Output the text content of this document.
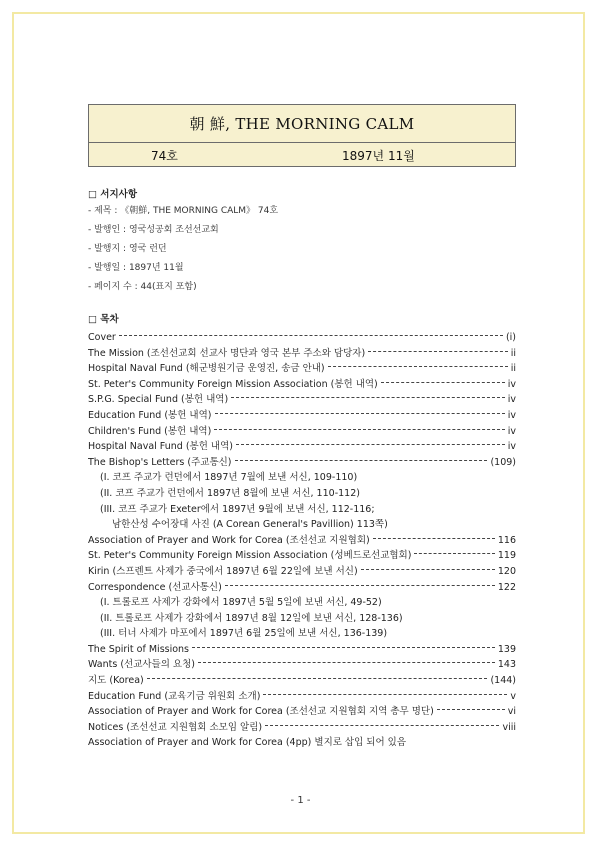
朝 鮮, THE MORNING CALM
74호	1897년 11월
□ 서지사항
- 제목 : 《朝鮮, THE MORNING CALM》 74호
- 발행인 : 영국성공회 조선선교회
- 발행지 : 영국 런던
- 발행일 : 1897년 11월
- 페이지 수 : 44(표지 포함)
□ 목차
Cover	(i)
The Mission (조선선교회 선교사 명단과 영국 본부 주소와 담당자)	ii
Hospital Naval Fund (해군병원기금 운영진, 송금 안내)	ii
St. Peter's Community Foreign Mission Association (봉헌 내역)	iv
S.P.G. Special Fund (봉헌 내역)	iv
Education Fund (봉헌 내역)	iv
Children's Fund (봉헌 내역)	iv
Hospital Naval Fund (봉헌 내역)	iv
The Bishop's Letters (주교통신)	(109)
(I. 코프 주교가 런던에서 1897년 7월에 보낸 서신, 109-110)
(II. 코프 주교가 런던에서 1897년 8월에 보낸 서신, 110-112)
(III. 코프 주교가 Exeter에서 1897년 9월에 보낸 서신, 112-116;
남한산성 수어장대 사진 (A Corean General's Pavillion) 113쪽)
Association of Prayer and Work for Corea (조선선교 지원협회)	116
St. Peter's Community Foreign Mission Association (성베드로선교협회)	119
Kirin (스프렌트 사제가 중국에서 1897년 6월 22일에 보낸 서신)	120
Correspondence (선교사통신)	122
(I. 트롤로프 사제가 강화에서 1897년 5월 5일에 보낸 서신, 49-52)
(II. 트롤로프 사제가 강화에서 1897년 8월 12일에 보낸 서신, 128-136)
(III. 터너 사제가 마포에서 1897년 6월 25일에 보낸 서신, 136-139)
The Spirit of Missions	139
Wants (선교사들의 요청)	143
지도 (Korea)	(144)
Education Fund (교육기금 위원회 소개)	v
Association of Prayer and Work for Corea (조선선교 지원협회 지역 총무 명단)	vi
Notices (조선선교 지원협회 소모임 알림)	viii
Association of Prayer and Work for Corea (4pp) 별지로 삽입 되어 있음
- 1 -
